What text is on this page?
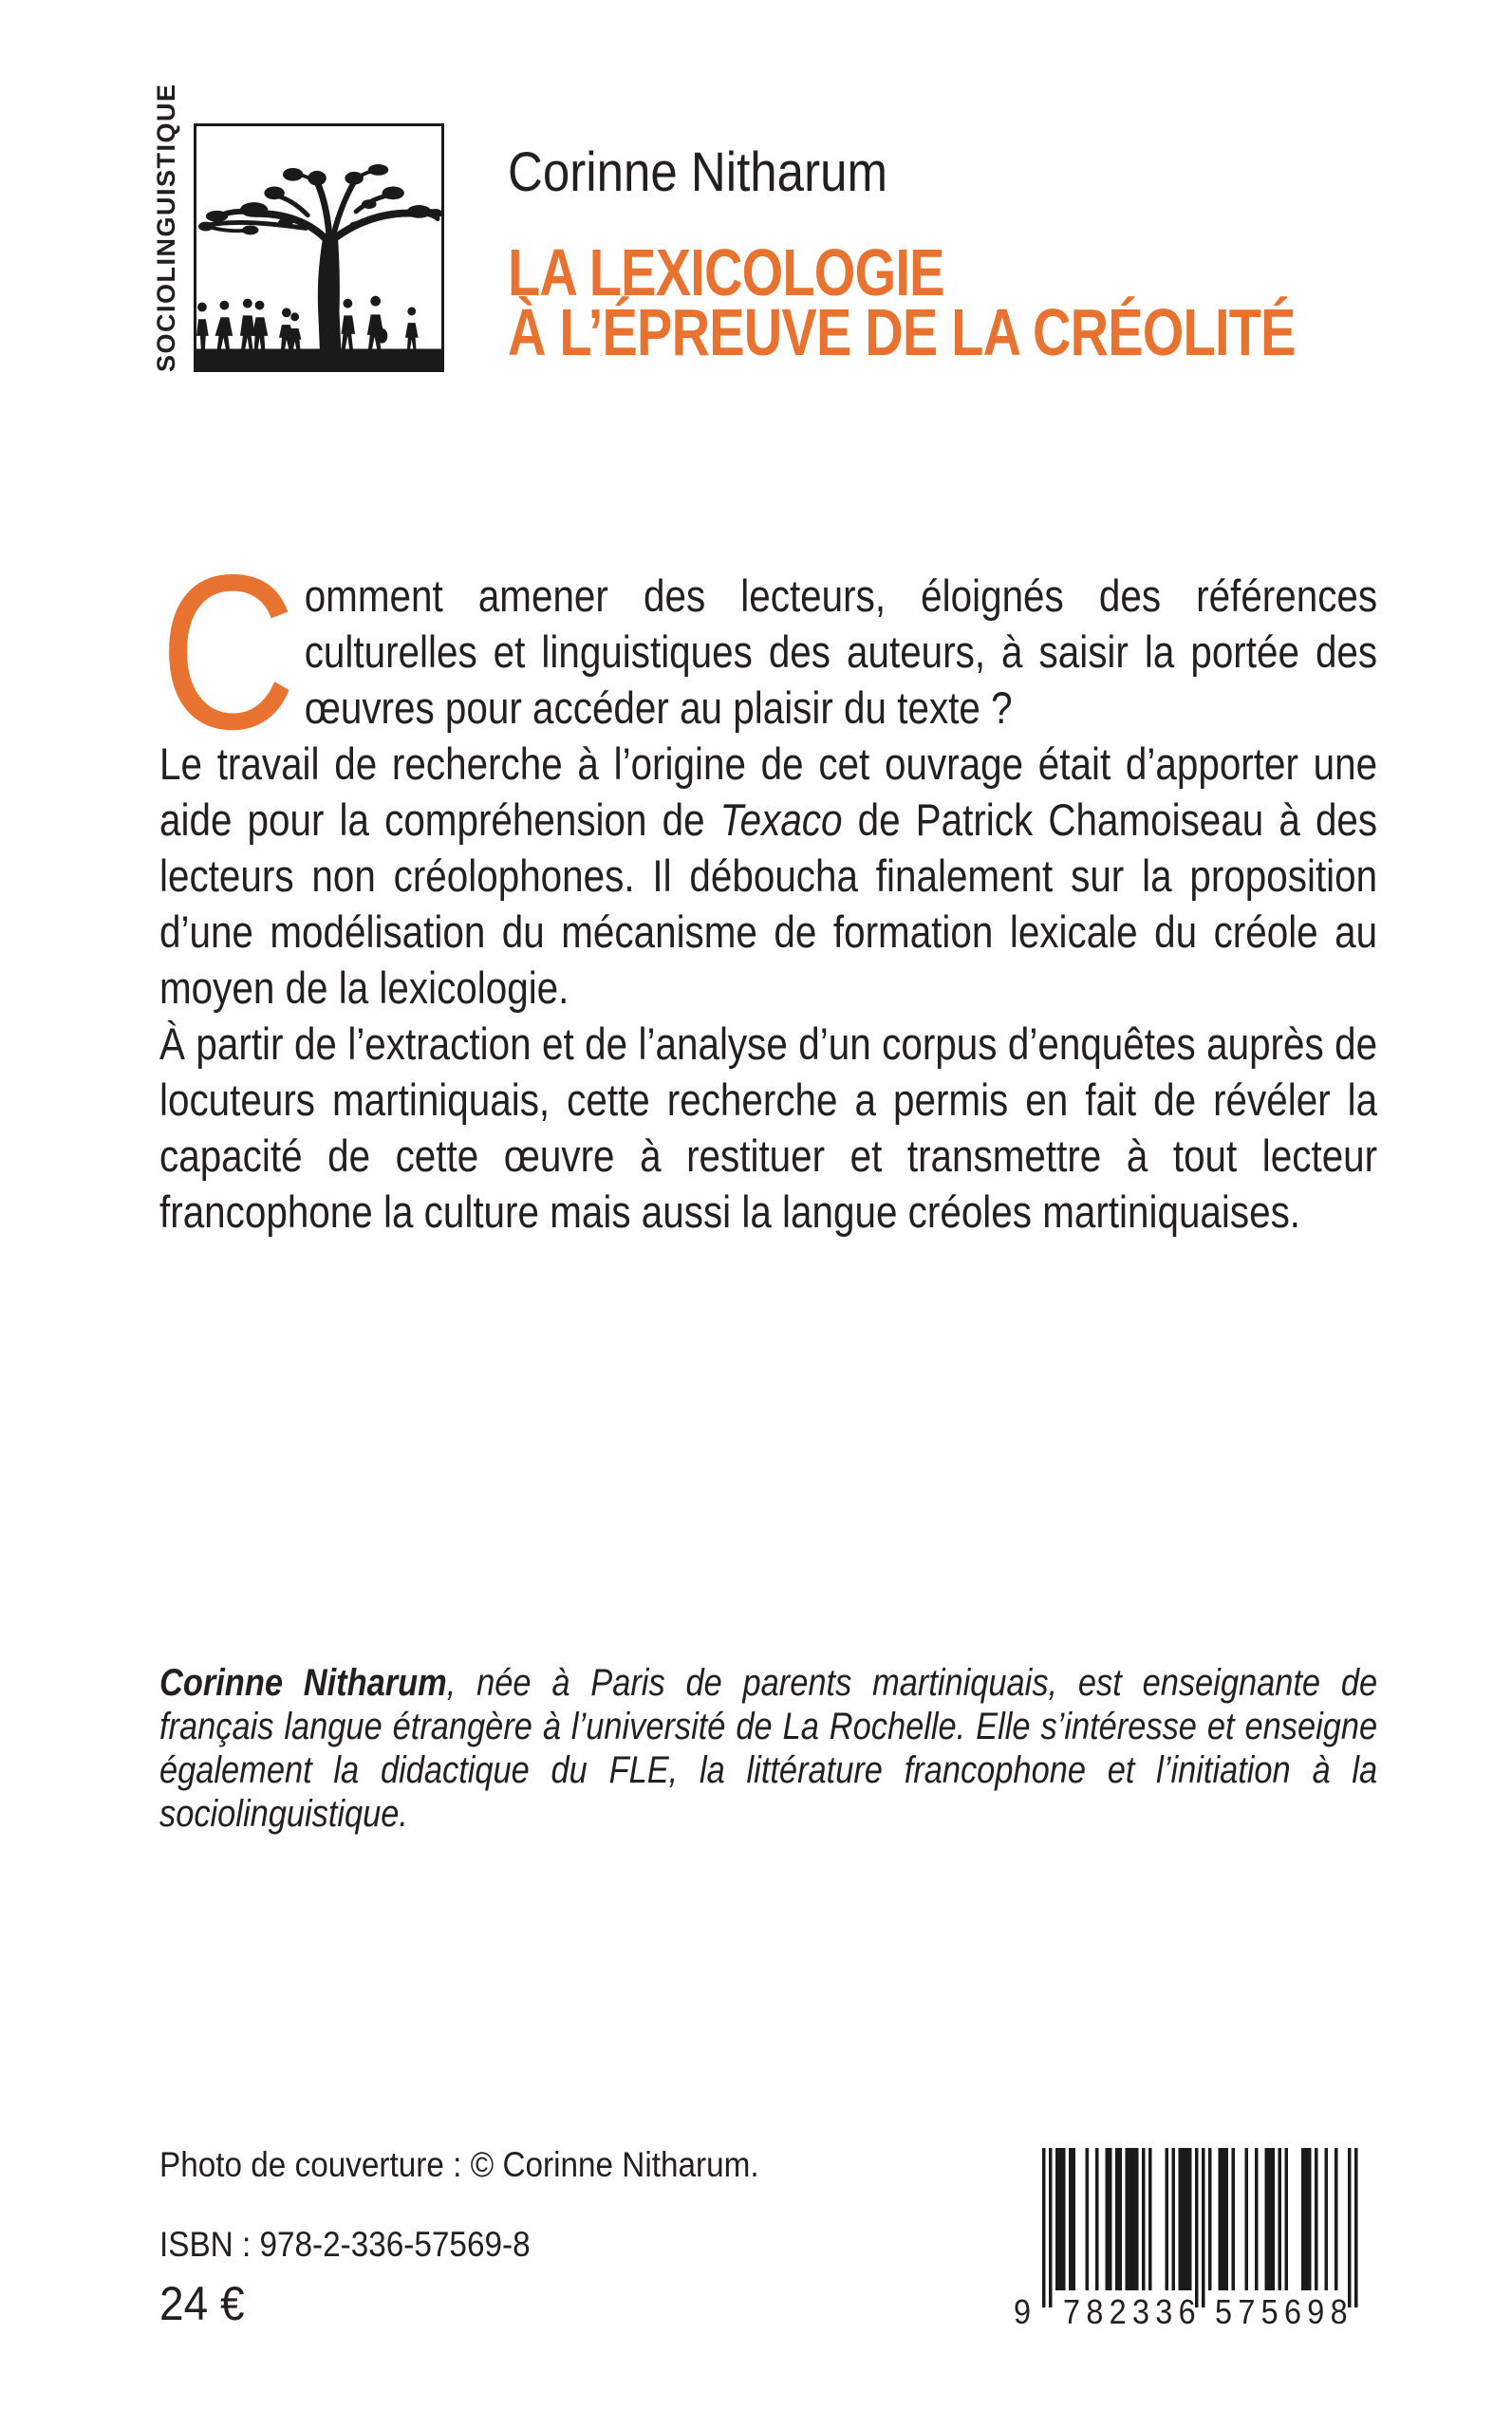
SOCIOLINGUISTIQUE	Corinne Nitharum
LA LEXICOLOGIE
À L’ÉPREUVE DE LA CRÉOLITÉ

Comment amener des lecteurs, éloignés des références culturelles et linguistiques des auteurs, à saisir la portée des œuvres pour accéder au plaisir du texte ?

Le travail de recherche à l’origine de cet ouvrage était d’apporter une aide pour la compréhension de Texaco de Patrick Chamoiseau à des lecteurs non créolophones. Il déboucha finalement sur la proposition d’une modélisation du mécanisme de formation lexicale du créole au moyen de la lexicologie.

À partir de l’extraction et de l’analyse d’un corpus d’enquêtes auprès de locuteurs martiniquais, cette recherche a permis en fait de révéler la capacité de cette œuvre à restituer et transmettre à tout lecteur francophone la culture mais aussi la langue créoles martiniquaises.

Corinne Nitharum, née à Paris de parents martiniquais, est enseignante de français langue étrangère à l’université de La Rochelle. Elle s’intéresse et enseigne également la didactique du FLE, la littérature francophone et l’initiation à la sociolinguistique.
Photo de couverture : © Corinne Nitharum.
ISBN : 978-2-336-57569-8
24 €	9 782336 575698
